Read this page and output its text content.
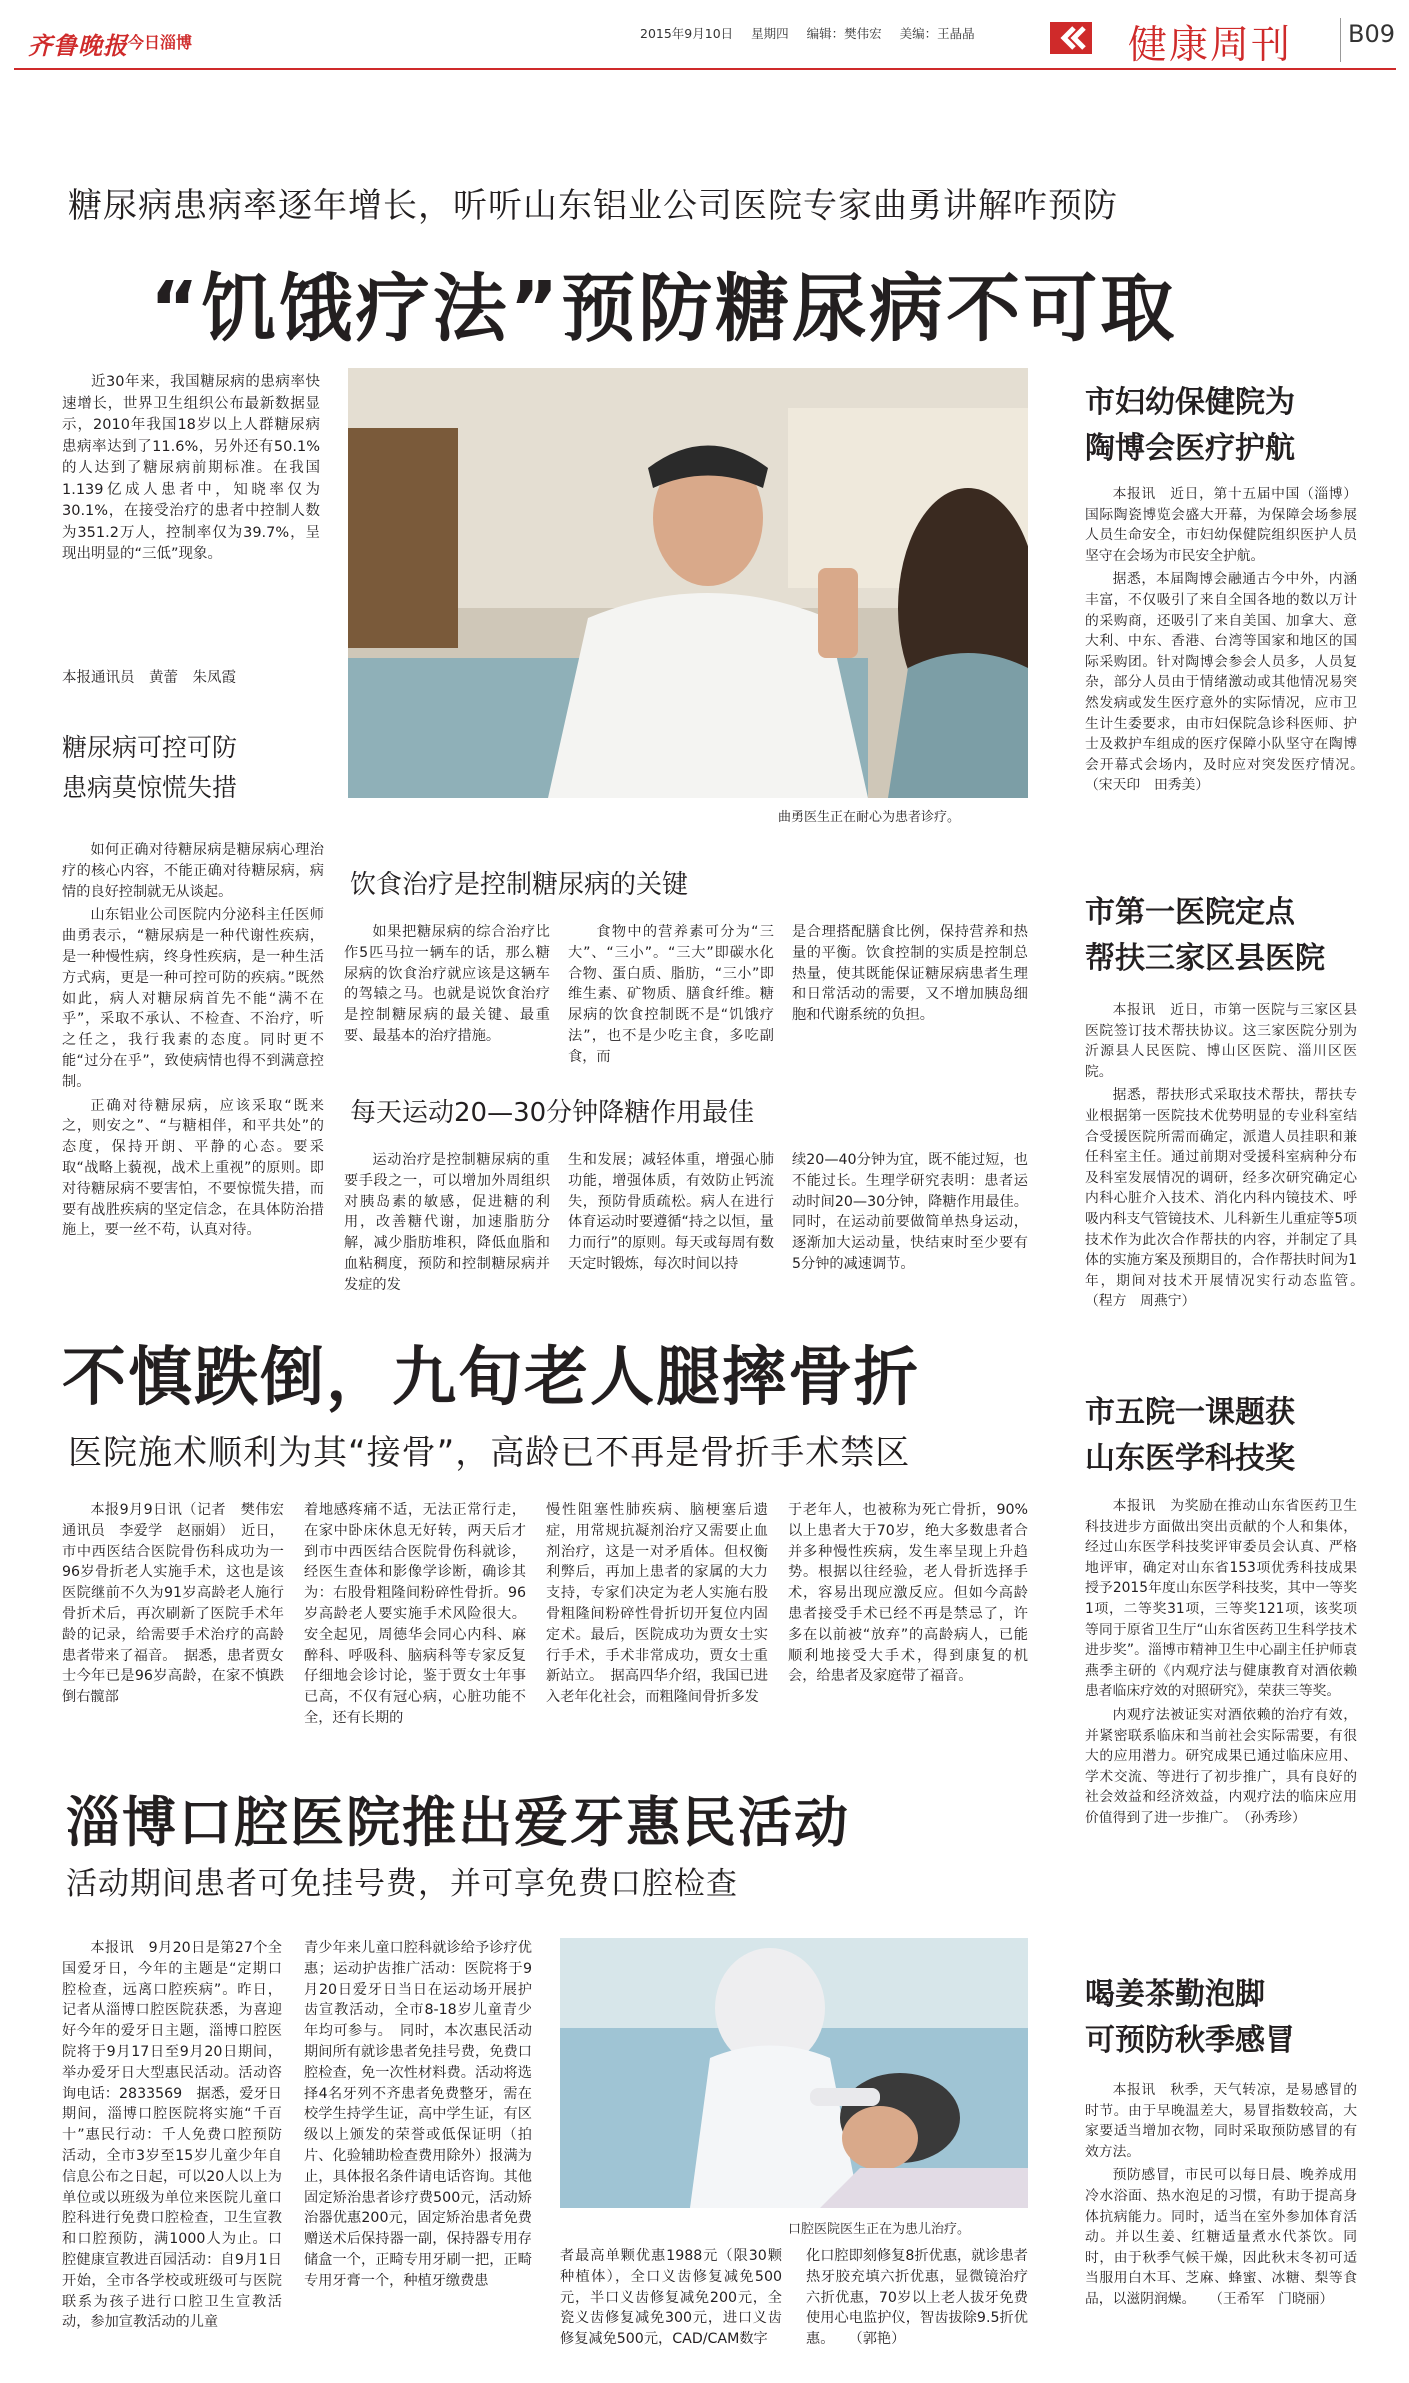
齐鲁晚报 今日淄博	2015年9月10日 星期四 编辑：樊伟宏 美编：王晶晶	健康周刊 B09
糖尿病患病率逐年增长，听听山东铝业公司医院专家曲勇讲解咋预防
“饥饿疗法”预防糖尿病不可取

近30年来，我国糖尿病的患病率快速增长，世界卫生组织公布最新数据显示，2010年我国18岁以上人群糖尿病患病率达到了11.6%，另外还有50.1%的人达到了糖尿病前期标准。在我国1.139亿成人患者中，知晓率仅为30.1%，在接受治疗的患者中控制人数为351.2万人，控制率仅为39.7%，呈现出明显的“三低”现象。

本报通讯员　黄蕾　朱凤霞
曲勇医生正在耐心为患者诊疗。
糖尿病可控可防
患病莫惊慌失措

如何正确对待糖尿病是糖尿病心理治疗的核心内容，不能正确对待糖尿病，病情的良好控制就无从谈起。

山东铝业公司医院内分泌科主任医师曲勇表示，“糖尿病是一种代谢性疾病，是一种慢性病，终身性疾病，是一种生活方式病，更是一种可控可防的疾病。”既然如此，病人对糖尿病首先不能“满不在乎”，采取不承认、不检查、不治疗，听之任之，我行我素的态度。同时更不能“过分在乎”，致使病情也得不到满意控制。

正确对待糖尿病，应该采取“既来之，则安之”、“与糖相伴，和平共处”的态度，保持开朗、平静的心态。要采取“战略上藐视，战术上重视”的原则。即对待糖尿病不要害怕，不要惊慌失措，而要有战胜疾病的坚定信念，在具体防治措施上，要一丝不苟，认真对待。

饮食治疗是控制糖尿病的关键

如果把糖尿病的综合治疗比作5匹马拉一辆车的话，那么糖尿病的饮食治疗就应该是这辆车的驾辕之马。也就是说饮食治疗是控制糖尿病的最关键、最重要、最基本的治疗措施。

食物中的营养素可分为“三大”、“三小”。“三大”即碳水化合物、蛋白质、脂肪，“三小”即维生素、矿物质、膳食纤维。糖尿病的饮食控制既不是“饥饿疗法”，也不是少吃主食，多吃副食，而

是合理搭配膳食比例，保持营养和热量的平衡。饮食控制的实质是控制总热量，使其既能保证糖尿病患者生理和日常活动的需要，又不增加胰岛细胞和代谢系统的负担。

每天运动20—30分钟降糖作用最佳

运动治疗是控制糖尿病的重要手段之一，可以增加外周组织对胰岛素的敏感，促进糖的利用，改善糖代谢，加速脂肪分解，减少脂肪堆积，降低血脂和血粘稠度，预防和控制糖尿病并发症的发

生和发展；减轻体重，增强心肺功能，增强体质，有效防止钙流失，预防骨质疏松。病人在进行体育运动时要遵循“持之以恒，量力而行”的原则。每天或每周有数天定时锻炼，每次时间以持

续20—40分钟为宜，既不能过短，也不能过长。生理学研究表明：患者运动时间20—30分钟，降糖作用最佳。同时，在运动前要做简单热身运动，逐渐加大运动量，快结束时至少要有5分钟的减速调节。

不慎跌倒，九旬老人腿摔骨折
医院施术顺利为其“接骨”，高龄已不再是骨折手术禁区

本报9月9日讯（记者　樊伟宏　通讯员　李爱学　赵丽娟）　近日，市中西医结合医院骨伤科成功为一96岁骨折老人实施手术，这也是该医院继前不久为91岁高龄老人施行骨折术后，再次刷新了医院手术年龄的记录，给需要手术治疗的高龄患者带来了福音。　据悉，患者贾女士今年已是96岁高龄，在家不慎跌倒右髋部

着地感疼痛不适，无法正常行走，在家中卧床休息无好转，两天后才到市中西医结合医院骨伤科就诊，经医生查体和影像学诊断，确诊其为：右股骨粗隆间粉碎性骨折。96岁高龄老人要实施手术风险很大。安全起见，周德华会同心内科、麻醉科、呼吸科、脑病科等专家反复仔细地会诊讨论，鉴于贾女士年事已高，不仅有冠心病，心脏功能不全，还有长期的

慢性阻塞性肺疾病、脑梗塞后遗症，用常规抗凝剂治疗又需要止血剂治疗，这是一对矛盾体。但权衡利弊后，再加上患者的家属的大力支持，专家们决定为老人实施右股骨粗隆间粉碎性骨折切开复位内固定术。最后，医院成功为贾女士实行手术，手术非常成功，贾女士重新站立。　据高四华介绍，我国已进入老年化社会，而粗隆间骨折多发

于老年人，也被称为死亡骨折，90%以上患者大于70岁，绝大多数患者合并多种慢性疾病，发生率呈现上升趋势。根据以往经验，老人骨折选择手术，容易出现应激反应。但如今高龄患者接受手术已经不再是禁忌了，许多在以前被“放弃”的高龄病人，已能顺利地接受大手术，得到康复的机会，给患者及家庭带了福音。

淄博口腔医院推出爱牙惠民活动
活动期间患者可免挂号费，并可享免费口腔检查

本报讯　9月20日是第27个全国爱牙日，今年的主题是“定期口腔检查，远离口腔疾病”。昨日，记者从淄博口腔医院获悉，为喜迎好今年的爱牙日主题，淄博口腔医院将于9月17日至9月20日期间，举办爱牙日大型惠民活动。活动咨询电话：2833569　据悉，爱牙日期间，淄博口腔医院将实施“千百十”惠民行动：千人免费口腔预防活动，全市3岁至15岁儿童少年自信息公布之日起，可以20人以上为单位或以班级为单位来医院儿童口腔科进行免费口腔检查，卫生宣教和口腔预防，满1000人为止。口腔健康宣教进百园活动：自9月1日开始，全市各学校或班级可与医院联系为孩子进行口腔卫生宣教活动，参加宣教活动的儿童

青少年来儿童口腔科就诊给予诊疗优惠；运动护齿推广活动：医院将于9月20日爱牙日当日在运动场开展护齿宣教活动，全市8-18岁儿童青少年均可参与。　同时，本次惠民活动期间所有就诊患者免挂号费，免费口腔检查，免一次性材料费。活动将选择4名牙列不齐患者免费整牙，需在校学生持学生证，高中学生证，有区级以上颁发的荣誉或低保证明（拍片、化验辅助检查费用除外）报满为止，具体报名条件请电话咨询。其他固定矫治患者诊疗费500元，活动矫治器优惠200元，固定矫治患者免费赠送术后保持器一副，保持器专用存储盒一个，正畸专用牙刷一把，正畸专用牙膏一个，种植牙缴费患

口腔医院医生正在为患儿治疗。

者最高单颗优惠1988元（限30颗种植体），全口义齿修复减免500元，半口义齿修复减免200元，全瓷义齿修复减免300元，进口义齿修复减免500元，CAD/CAM数字

化口腔即刻修复8折优惠，就诊患者热牙胶充填六折优惠，显微镜治疗六折优惠，70岁以上老人拔牙免费使用心电监护仪，智齿拔除9.5折优惠。　　（郭艳）

市妇幼保健院为
陶博会医疗护航

本报讯　近日，第十五届中国（淄博）国际陶瓷博览会盛大开幕，为保障会场参展人员生命安全，市妇幼保健院组织医护人员坚守在会场为市民安全护航。

据悉，本届陶博会融通古今中外，内涵丰富，不仅吸引了来自全国各地的数以万计的采购商，还吸引了来自美国、加拿大、意大利、中东、香港、台湾等国家和地区的国际采购团。针对陶博会参会人员多，人员复杂，部分人员由于情绪激动或其他情况易突然发病或发生医疗意外的实际情况，应市卫生计生委要求，由市妇保院急诊科医师、护士及救护车组成的医疗保障小队坚守在陶博会开幕式会场内，及时应对突发医疗情况。　（宋天印　田秀美）

市第一医院定点
帮扶三家区县医院

本报讯　近日，市第一医院与三家区县医院签订技术帮扶协议。这三家医院分别为沂源县人民医院、博山区医院、淄川区医院。

据悉，帮扶形式采取技术帮扶，帮扶专业根据第一医院技术优势明显的专业科室结合受援医院所需而确定，派遣人员挂职和兼任科室主任。通过前期对受援科室病种分布及科室发展情况的调研，经多次研究确定心内科心脏介入技术、消化内科内镜技术、呼吸内科支气管镜技术、儿科新生儿重症等5项技术作为此次合作帮扶的内容，并制定了具体的实施方案及预期目的，合作帮扶时间为1年，期间对技术开展情况实行动态监管。　（程方　周燕宁）

市五院一课题获
山东医学科技奖

本报讯　为奖励在推动山东省医药卫生科技进步方面做出突出贡献的个人和集体，经过山东医学科技奖评审委员会认真、严格地评审，确定对山东省153项优秀科技成果授予2015年度山东医学科技奖，其中一等奖1项，二等奖31项，三等奖121项，该奖项等同于原省卫生厅“山东省医药卫生科学技术进步奖”。淄博市精神卫生中心副主任护师袁燕季主研的《内观疗法与健康教育对酒依赖患者临床疗效的对照研究》，荣获三等奖。

内观疗法被证实对酒依赖的治疗有效，并紧密联系临床和当前社会实际需要，有很大的应用潜力。研究成果已通过临床应用、学术交流、等进行了初步推广，具有良好的社会效益和经济效益，内观疗法的临床应用价值得到了进一步推广。　（孙秀珍）

喝姜茶勤泡脚
可预防秋季感冒

本报讯　秋季，天气转凉，是易感冒的时节。由于早晚温差大，易冒指数较高，大家要适当增加衣物，同时采取预防感冒的有效方法。

预防感冒，市民可以每日晨、晚养成用冷水浴面、热水泡足的习惯，有助于提高身体抗病能力。同时，适当在室外参加体育活动。并以生姜、红糖适量煮水代茶饮。同时，由于秋季气候干燥，因此秋末冬初可适当服用白木耳、芝麻、蜂蜜、冰糖、梨等食品，以滋阴润燥。　　（王希军　门晓丽）
